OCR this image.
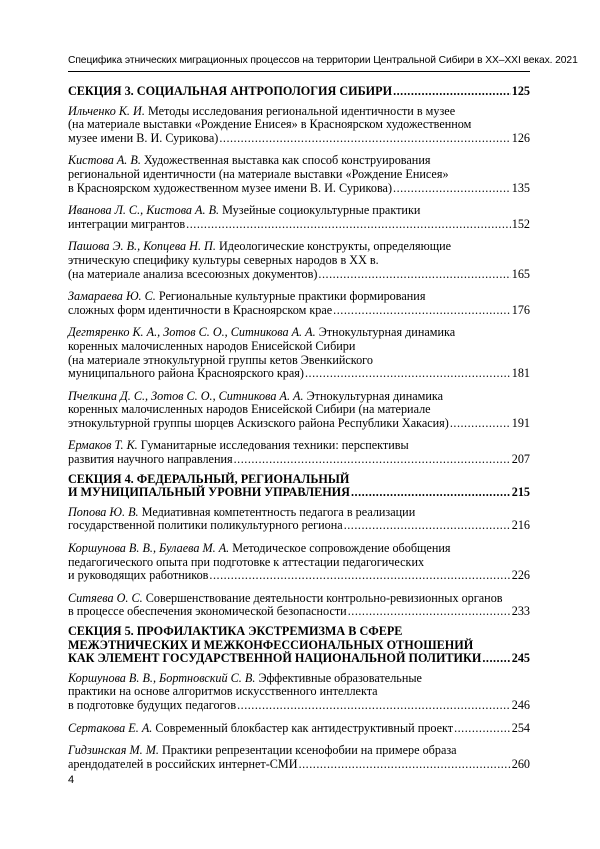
Специфика этнических миграционных процессов на территории Центральной Сибири в XX–XXI веках. 2021
СЕКЦИЯ 3. СОЦИАЛЬНАЯ АНТРОПОЛОГИЯ СИБИРИ .....	125
Ильченко К. И. Методы исследования региональной идентичности в музее
(на материале выставки «Рождение Енисея» в Красноярском художественном
музее имени В. И. Сурикова) .....	126
Кистова А. В. Художественная выставка как способ конструирования
региональной идентичности (на материале выставки «Рождение Енисея»
в Красноярском художественном музее имени В. И. Сурикова) .....	135
Иванова Л. С., Кистова А. В. Музейные социокультурные практики
интеграции мигрантов .....	152
Пашова Э. В., Копцева Н. П. Идеологические конструкты, определяющие
этническую специфику культуры северных народов в XX в.
(на материале анализа всесоюзных документов) .....	165
Замараева Ю. С. Региональные культурные практики формирования
сложных форм идентичности в Красноярском крае .....	176
Дегтяренко К. А., Зотов С. О., Ситникова А. А. Этнокультурная динамика
коренных малочисленных народов Енисейской Сибири
(на материале этнокультурной группы кетов Эвенкийского
муниципального района Красноярского края) .....	181
Пчелкина Д. С., Зотов С. О., Ситникова А. А. Этнокультурная динамика
коренных малочисленных народов Енисейской Сибири (на материале
этнокультурной группы шорцев Аскизского района Республики Хакасия) .....	191
Ермаков Т. К. Гуманитарные исследования техники: перспективы
развития научного направления .....	207
СЕКЦИЯ 4. ФЕДЕРАЛЬНЫЙ, РЕГИОНАЛЬНЫЙ
И МУНИЦИПАЛЬНЫЙ УРОВНИ УПРАВЛЕНИЯ .....	215
Попова Ю. В. Медиативная компетентность педагога в реализации
государственной политики поликультурного региона .....	216
Коршунова В. В., Булаева М. А. Методическое сопровождение обобщения
педагогического опыта при подготовке к аттестации педагогических
и руководящих работников .....	226
Ситяева О. С. Совершенствование деятельности контрольно-ревизионных органов
в процессе обеспечения экономической безопасности .....	233
СЕКЦИЯ 5. ПРОФИЛАКТИКА ЭКСТРЕМИЗМА В СФЕРЕ
МЕЖЭТНИЧЕСКИХ И МЕЖКОНФЕССИОНАЛЬНЫХ ОТНОШЕНИЙ
КАК ЭЛЕМЕНТ ГОСУДАРСТВЕННОЙ НАЦИОНАЛЬНОЙ ПОЛИТИКИ ..... 245
Коршунова В. В., Бортновский С. В. Эффективные образовательные
практики на основе алгоритмов искусственного интеллекта
в подготовке будущих педагогов .....	246
Сертакова Е. А. Современный блокбастер как антидеструктивный проект .....	254
Гидзинская М. М. Практики репрезентации ксенофобии на примере образа
арендодателей в российских интернет-СМИ .....	260
4
